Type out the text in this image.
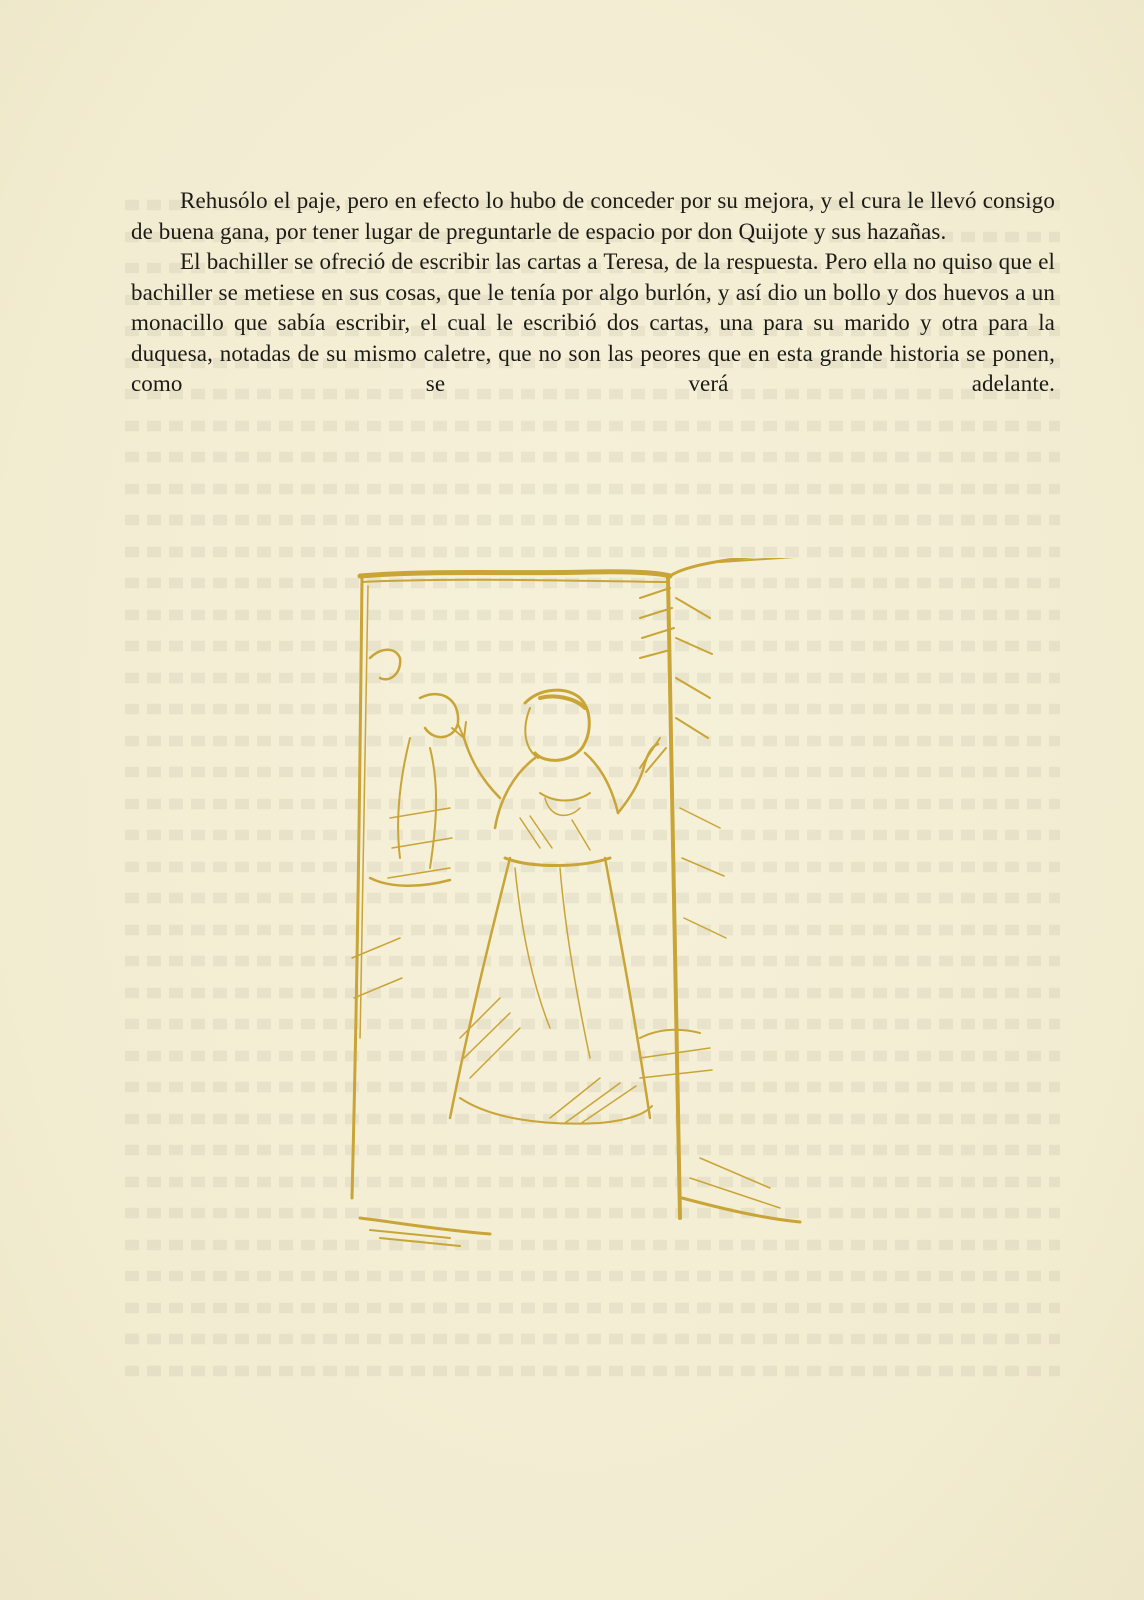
Rehusólo el paje, pero en efecto lo hubo de conceder por su mejora, y el cura le llevó consigo de buena gana, por tener lugar de preguntarle de espacio por don Quijote y sus hazañas.

El bachiller se ofreció de escribir las cartas a Teresa, de la respuesta. Pero ella no quiso que el bachiller se metiese en sus cosas, que le tenía por algo burlón, y así dio un bollo y dos huevos a un monacillo que sabía escribir, el cual le escribió dos cartas, una para su marido y otra para la duquesa, notadas de su mismo caletre, que no son las peores que en esta grande historia se ponen, como se verá adelante.
